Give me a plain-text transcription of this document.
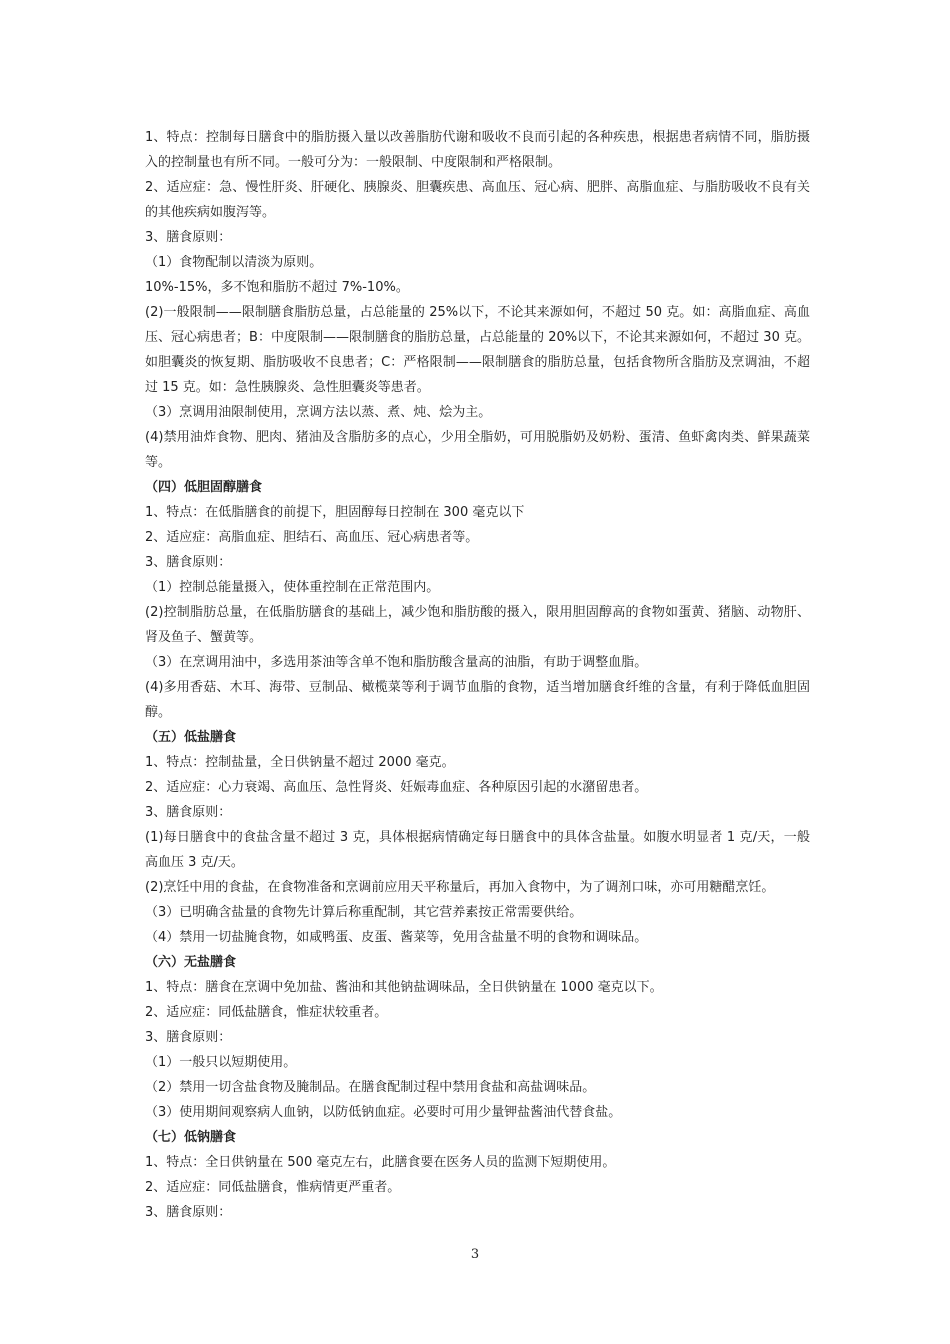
1、特点：控制每日膳食中的脂肪摄入量以改善脂肪代谢和吸收不良而引起的各种疾患，根据患者病情不同，脂肪摄入的控制量也有所不同。一般可分为：一般限制、中度限制和严格限制。

2、适应症：急、慢性肝炎、肝硬化、胰腺炎、胆囊疾患、高血压、冠心病、肥胖、高脂血症、与脂肪吸收不良有关的其他疾病如腹泻等。

3、膳食原则：

（1）食物配制以清淡为原则。

10%-15%，多不饱和脂肪不超过 7%-10%。

(2)一般限制——限制膳食脂肪总量，占总能量的 25%以下，不论其来源如何，不超过 50 克。如：高脂血症、高血压、冠心病患者；B：中度限制——限制膳食的脂肪总量，占总能量的 20%以下，不论其来源如何，不超过 30 克。如胆囊炎的恢复期、脂肪吸收不良患者；C：严格限制——限制膳食的脂肪总量，包括食物所含脂肪及烹调油，不超过 15 克。如：急性胰腺炎、急性胆囊炎等患者。

（3）烹调用油限制使用，烹调方法以蒸、煮、炖、烩为主。

(4)禁用油炸食物、肥肉、猪油及含脂肪多的点心，少用全脂奶，可用脱脂奶及奶粉、蛋清、鱼虾禽肉类、鲜果蔬菜等。

（四）低胆固醇膳食

1、特点：在低脂膳食的前提下，胆固醇每日控制在 300 毫克以下

2、适应症：高脂血症、胆结石、高血压、冠心病患者等。

3、膳食原则：

（1）控制总能量摄入，使体重控制在正常范围内。

(2)控制脂肪总量，在低脂肪膳食的基础上，减少饱和脂肪酸的摄入，限用胆固醇高的食物如蛋黄、猪脑、动物肝、肾及鱼子、蟹黄等。

（3）在烹调用油中，多选用茶油等含单不饱和脂肪酸含量高的油脂，有助于调整血脂。

(4)多用香菇、木耳、海带、豆制品、橄榄菜等利于调节血脂的食物，适当增加膳食纤维的含量，有利于降低血胆固醇。

（五）低盐膳食

1、特点：控制盐量，全日供钠量不超过 2000 毫克。

2、适应症：心力衰竭、高血压、急性肾炎、妊娠毒血症、各种原因引起的水潴留患者。

3、膳食原则：

(1)每日膳食中的食盐含量不超过 3 克，具体根据病情确定每日膳食中的具体含盐量。如腹水明显者 1 克/天，一般高血压 3 克/天。

(2)烹饪中用的食盐，在食物准备和烹调前应用天平称量后，再加入食物中，为了调剂口味，亦可用糖醋烹饪。

（3）已明确含盐量的食物先计算后称重配制，其它营养素按正常需要供给。

（4）禁用一切盐腌食物，如咸鸭蛋、皮蛋、酱菜等，免用含盐量不明的食物和调味品。

（六）无盐膳食

1、特点：膳食在烹调中免加盐、酱油和其他钠盐调味品，全日供钠量在 1000 毫克以下。

2、适应症：同低盐膳食，惟症状较重者。

3、膳食原则：

（1）一般只以短期使用。

（2）禁用一切含盐食物及腌制品。在膳食配制过程中禁用食盐和高盐调味品。

（3）使用期间观察病人血钠，以防低钠血症。必要时可用少量钾盐酱油代替食盐。

（七）低钠膳食

1、特点：全日供钠量在 500 毫克左右，此膳食要在医务人员的监测下短期使用。

2、适应症：同低盐膳食，惟病情更严重者。

3、膳食原则：

3
